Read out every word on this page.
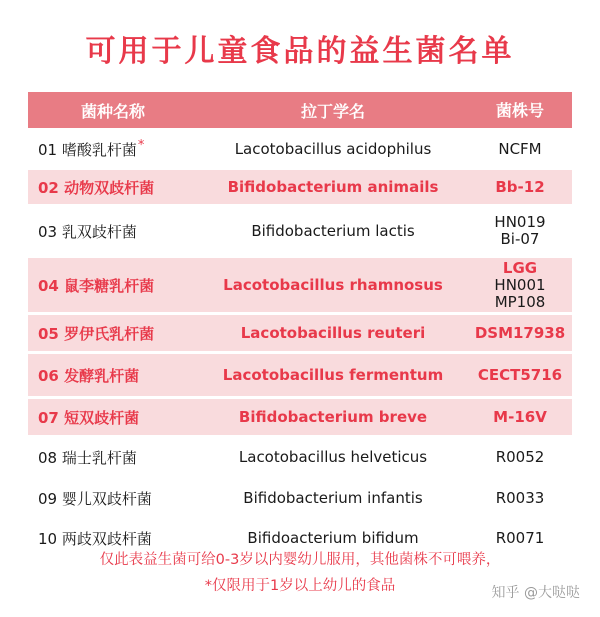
可用于儿童食品的益生菌名单
菌种名称	拉丁学名	菌株号
01 嗜酸乳杆菌*	Lacotobacillus acidophilus	NCFM
02 动物双歧杆菌	Bifidobacterium animails	Bb-12
03 乳双歧杆菌	Bifidobacterium lactis	HN019
Bi-07
04 鼠李糖乳杆菌	Lacotobacillus rhamnosus
LGG
HN001
MP108
05 罗伊氏乳杆菌	Lacotobacillus reuteri	DSM17938
06 发酵乳杆菌	Lacotobacillus fermentum	CECT5716
07 短双歧杆菌	Bifidobacterium breve	M-16V
08 瑞士乳杆菌	Lacotobacillus helveticus	R0052
09 婴儿双歧杆菌	Bifidobacterium infantis	R0033
10 两歧双歧杆菌	Bifidoacterium bifidum	R0071
仅此表益生菌可给0-3岁以内婴幼儿服用，其他菌株不可喂养，
*仅限用于1岁以上幼儿的食品	知乎 @大哒哒
